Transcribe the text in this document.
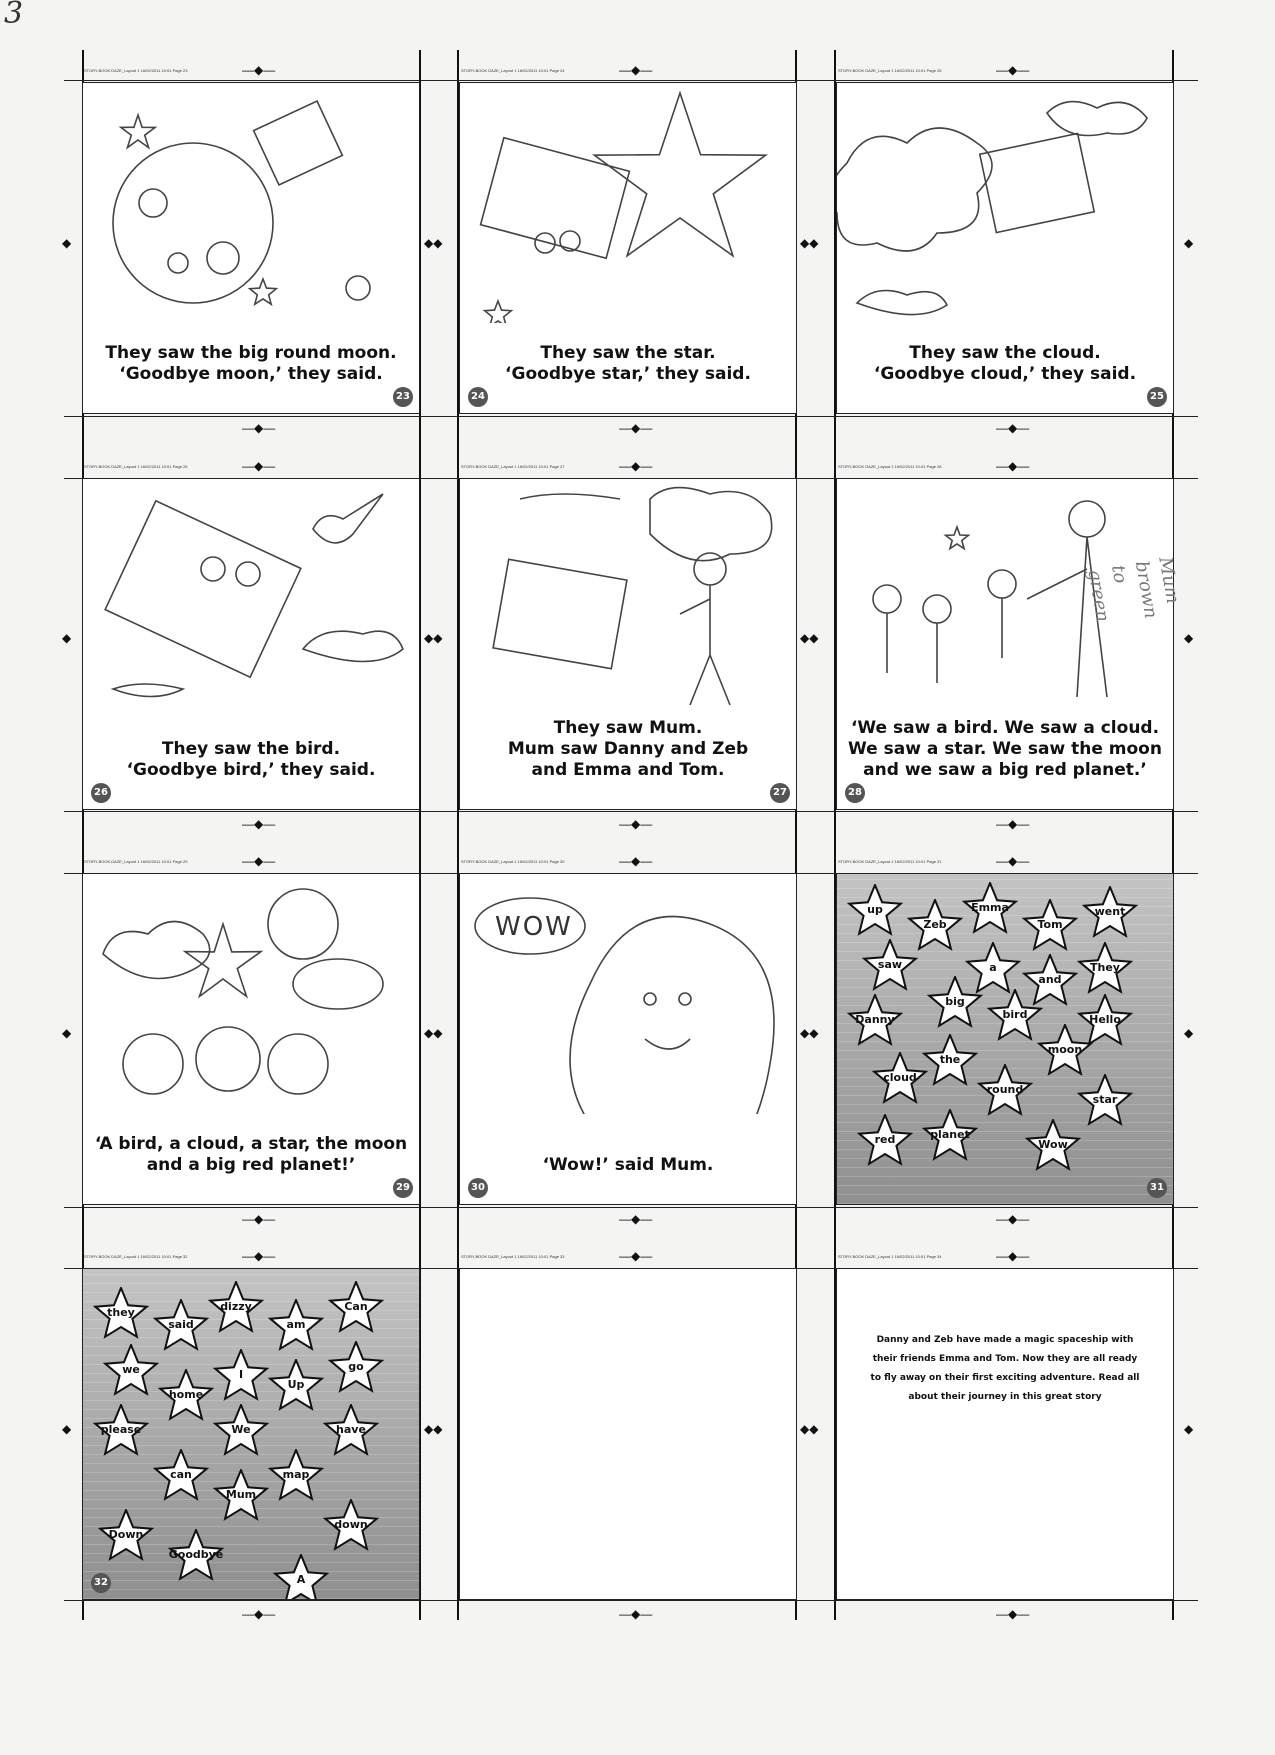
3
STORY-BOOK DAZE_Layout 1 16/02/2011 10:01 Page 23	—◆—
—◆—
They saw the big round moon.
‘Goodbye moon,’ they said.
23
STORY-BOOK DAZE_Layout 1 16/02/2011 10:01 Page 24	—◆—
—◆—
They saw the star.
‘Goodbye star,’ they said.
24
STORY-BOOK DAZE_Layout 1 16/02/2011 10:01 Page 25	—◆—
—◆—
They saw the cloud.
‘Goodbye cloud,’ they said.
25
STORY-BOOK DAZE_Layout 1 16/02/2011 10:01 Page 26	—◆—
—◆—
They saw the bird.
‘Goodbye bird,’ they said.
26
STORY-BOOK DAZE_Layout 1 16/02/2011 10:01 Page 27	—◆—
—◆—
They saw Mum.
Mum saw Danny and Zeb
and Emma and Tom.
27
STORY-BOOK DAZE_Layout 1 16/02/2011 10:01 Page 28	—◆—
—◆—
‘We saw a bird. We saw a cloud.
We saw a star. We saw the moon
and we saw a big red planet.’
28
STORY-BOOK DAZE_Layout 1 16/02/2011 10:01 Page 29	—◆—
—◆—
‘A bird, a cloud, a star, the moon
and a big red planet!’
29
STORY-BOOK DAZE_Layout 1 16/02/2011 10:01 Page 30	—◆—
—◆—
WOW
‘Wow!’ said Mum.
30
STORY-BOOK DAZE_Layout 1 16/02/2011 10:01 Page 31	—◆—
—◆—
up
Zeb
Emma
Tom
went
saw	a
and
They
big
bird
Danny	Hello
the
moon
cloud
round
star
red	planet
Wow
31
STORY-BOOK DAZE_Layout 1 16/02/2011 10:01 Page 32	—◆—
—◆—
they
said
dizzy
am
Can
we	I
Up
go
home
please	We	have
can	map
Mum
Down
down
Goodbye
A
32
STORY-BOOK DAZE_Layout 1 16/02/2011 10:01 Page 33	—◆—
—◆—
STORY-BOOK DAZE_Layout 1 16/02/2011 10:01 Page 34	—◆—
—◆—
Danny and Zeb have made a magic spaceship with their friends Emma and Tom. Now they are all ready to fly away on their first exciting adventure. Read all about their journey in this great story
◆	◆◆	◆◆	◆
◆	◆◆	◆◆	◆
◆	◆◆	◆◆	◆
◆	◆◆	◆◆	◆
Mum
brown
to
green
